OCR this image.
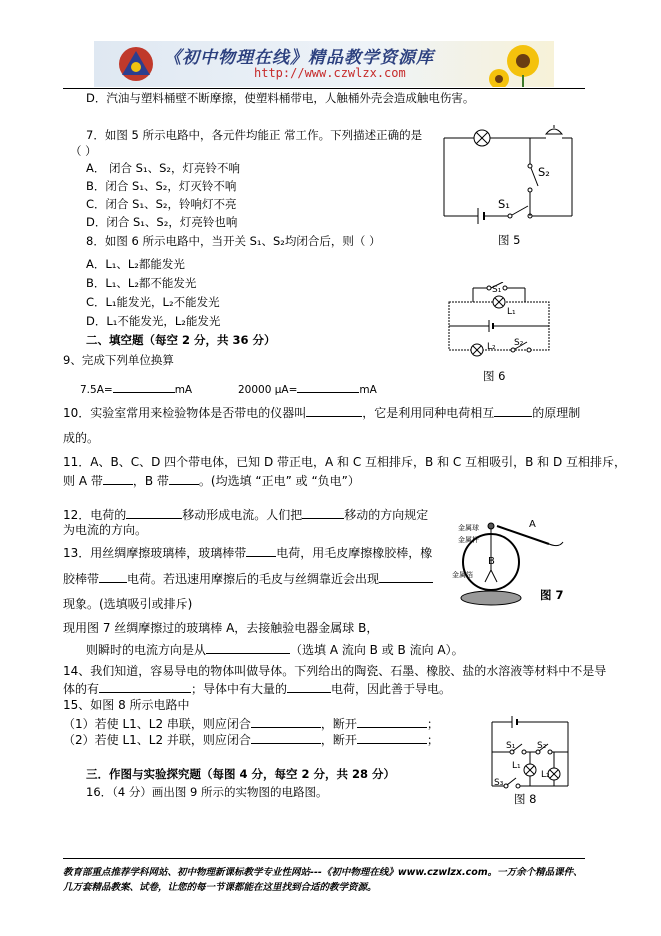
《初中物理在线》精品教学资源库
http://www.czwlzx.com
D．汽油与塑料桶壁不断摩擦，使塑料桶带电，人触桶外壳会造成触电伤害。
7．如图 5 所示电路中，各元件均能正 常工作。下列描述正确的是
（ ）
A． 闭合 S₁、S₂，灯亮铃不响
B．闭合 S₁、S₂，灯灭铃不响
C．闭合 S₁、S₂，铃响灯不亮
D．闭合 S₁、S₂，灯亮铃也响
S₂
S₁
图 5
8．如图 6 所示电路中，当开关 S₁、S₂均闭合后，则（ ）
A．L₁、L₂都能发光
B．L₁、L₂都不能发光
C．L₁能发光，L₂不能发光
D．L₁不能发光，L₂能发光
S₁
L₁
L₂ S₂
图 6
二、填空题（每空 2 分，共 36 分）
9、完成下列单位换算
7.5A=	mA	20000 μA=	mA
10．实验室常用来检验物体是否带电的仪器叫	，它是利用同种电荷相互	的原理制
成的。
11．A、B、C、D 四个带电体，已知 D 带正电，A 和 C 互相排斥，B 和 C 互相吸引，B 和 D 互相排斥，
则 A 带	，B 带	。(均选填 “正电” 或 “负电”）
12．电荷的	移动形成电流。人们把	移动的方向规定
为电流的方向。
13．用丝绸摩擦玻璃棒，玻璃棒带	电荷，用毛皮摩擦橡胶棒，橡
胶棒带 电荷。若迅速用摩擦后的毛皮与丝绸靠近会出现
现象。(选填吸引或排斥)
现用图 7 丝绸摩擦过的玻璃棒 A，去接触验电器金属球 B，
则瞬时的电流方向是从	（选填 A 流向 B 或 B 流向 A）。
A
B
金属球
金属杆
金属箔
图 7
14、我们知道，容易导电的物体叫做导体。下列给出的陶瓷、石墨、橡胶、盐的水溶液等材料中不是导
体的有	；导体中有大量的	电荷，因此善于导电。
15、如图 8 所示电路中
（1）若使 L1、L2 串联，则应闭合	，断开	；
（2）若使 L1、L2 并联，则应闭合	，断开	；	S₁ S₂
L₁
L₂
S₃
图 8
三．作图与实验探究题（每图 4 分，每空 2 分，共 28 分）
16．（4 分）画出图 9 所示的实物图的电路图。
教育部重点推荐学科网站、初中物理新课标教学专业性网站---《初中物理在线》www.czwlzx.com。一万余个精品课件、
几万套精品教案、试卷，让您的每一节课都能在这里找到合适的教学资源。
